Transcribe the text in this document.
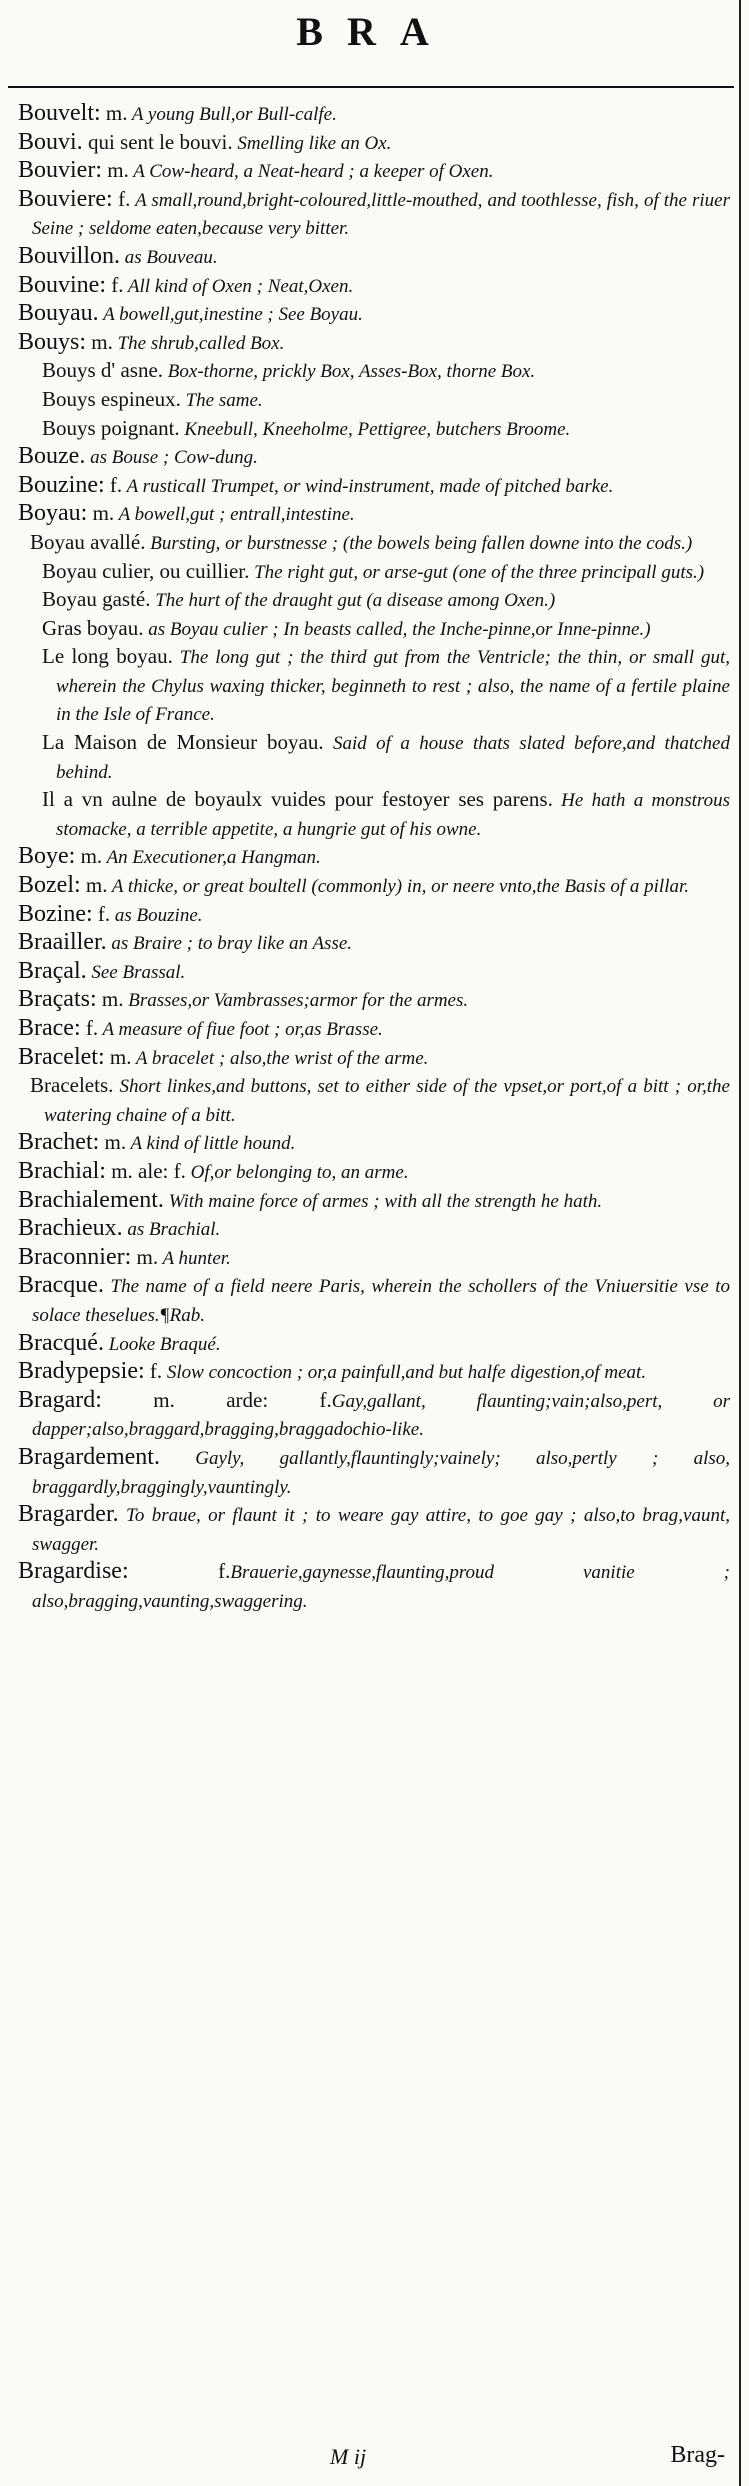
BRA

Bouvelt: m. A young Bull,or Bull-calfe.

Bouvi. qui sent le bouvi. Smelling like an Ox.

Bouvier: m. A Cow-heard, a Neat-heard ; a keeper of Oxen.

Bouviere: f. A small,round,bright-coloured,little-mouthed, and toothlesse, fish, of the riuer Seine ; seldome eaten,because very bitter.

Bouvillon. as Bouveau.

Bouvine: f. All kind of Oxen ; Neat,Oxen.

Bouyau. A bowell,gut,inestine ; See Boyau.

Bouys: m. The shrub,called Box.

Bouys d' asne. Box-thorne, prickly Box, Asses-Box, thorne Box.

Bouys espineux. The same.

Bouys poignant. Kneebull, Kneeholme, Pettigree, butchers Broome.

Bouze. as Bouse ; Cow-dung.

Bouzine: f. A rusticall Trumpet, or wind-instrument, made of pitched barke.

Boyau: m. A bowell,gut ; entrall,intestine.

Boyau avallé. Bursting, or burstnesse ; (the bowels being fallen downe into the cods.)

Boyau culier, ou cuillier. The right gut, or arse-gut (one of the three principall guts.)

Boyau gasté. The hurt of the draught gut (a disease among Oxen.)

Gras boyau. as Boyau culier ; In beasts called, the Inche-pinne,or Inne-pinne.)

Le long boyau. The long gut ; the third gut from the Ventricle; the thin, or small gut, wherein the Chylus waxing thicker, beginneth to rest ; also, the name of a fertile plaine in the Isle of France.

La Maison de Monsieur boyau. Said of a house thats slated before,and thatched behind.

Il a vn aulne de boyaulx vuides pour festoyer ses parens. He hath a monstrous stomacke, a terrible appetite, a hungrie gut of his owne.

Boye: m. An Executioner,a Hangman.

Bozel: m. A thicke, or great boultell (commonly) in, or neere vnto,the Basis of a pillar.

Bozine: f. as Bouzine.

Braailler. as Braire ; to bray like an Asse.

Braçal. See Brassal.

Braçats: m. Brasses,or Vambrasses;armor for the armes.

Brace: f. A measure of fiue foot ; or,as Brasse.

Bracelet: m. A bracelet ; also,the wrist of the arme.

Bracelets. Short linkes,and buttons, set to either side of the vpset,or port,of a bitt ; or,the watering chaine of a bitt.

Brachet: m. A kind of little hound.

Brachial: m. ale: f. Of,or belonging to, an arme.

Brachialement. With maine force of armes ; with all the strength he hath.

Brachieux. as Brachial.

Braconnier: m. A hunter.

Bracque. The name of a field neere Paris, wherein the schollers of the Vniuersitie vse to solace theselues.¶Rab.

Bracqué. Looke Braqué.

Bradypepsie: f. Slow concoction ; or,a painfull,and but halfe digestion,of meat.

Bragard: m. arde: f.Gay,gallant, flaunting;vain;also,pert, or dapper;also,braggard,bragging,braggadochio-like.

Bragardement. Gayly, gallantly,flauntingly;vainely; also,pertly ; also, braggardly,braggingly,vauntingly.

Bragarder. To braue, or flaunt it ; to weare gay attire, to goe gay ; also,to brag,vaunt, swagger.

Bragardise: f.Brauerie,gaynesse,flaunting,proud vanitie ; also,bragging,vaunting,swaggering.

M ij	Brag-
